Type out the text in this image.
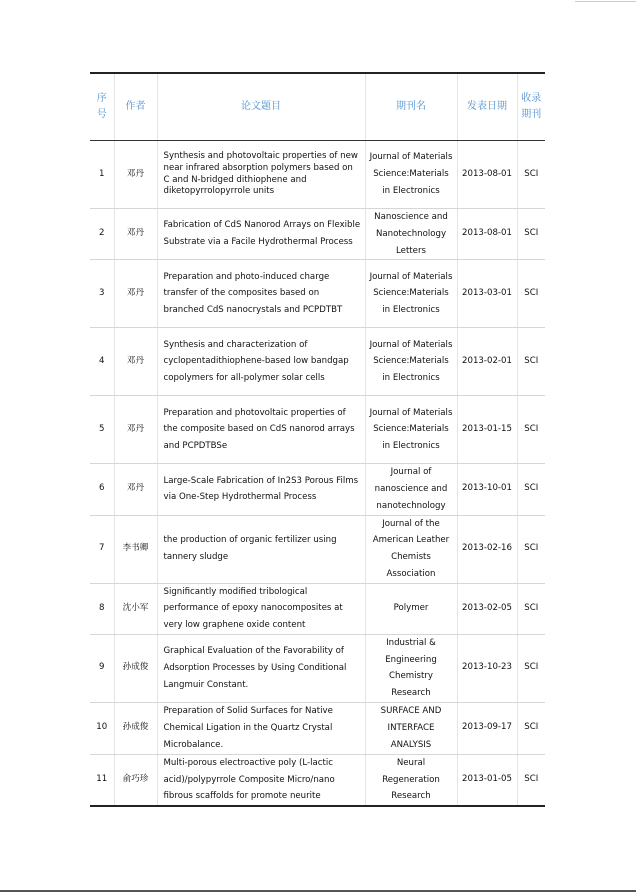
序号	作者	论文题目	期刊名	发表日期	收录期刊
1	邓丹	Synthesis and photovoltaic properties of new near infrared absorption polymers based on C and N-bridged dithiophene and diketopyrrolopyrrole units	Journal of Materials Science:Materials in Electronics	2013-08-01	SCI
2	邓丹	Fabrication of CdS Nanorod Arrays on Flexible Substrate via a Facile Hydrothermal Process	Nanoscience and Nanotechnology Letters	2013-08-01	SCI
3	邓丹	Preparation and photo-induced charge transfer of the composites based on branched CdS nanocrystals and PCPDTBT	Journal of Materials Science:Materials in Electronics	2013-03-01	SCI
4	邓丹	Synthesis and characterization of cyclopentadithiophene-based low bandgap copolymers for all-polymer solar cells	Journal of Materials Science:Materials in Electronics	2013-02-01	SCI
5	邓丹	Preparation and photovoltaic properties of the composite based on CdS nanorod arrays and PCPDTBSe	Journal of Materials Science:Materials in Electronics	2013-01-15	SCI
6	邓丹	Large-Scale Fabrication of In2S3 Porous Films via One-Step Hydrothermal Process	Journal of nanoscience and nanotechnology	2013-10-01	SCI
7	李书卿	the production of organic fertilizer using tannery sludge	Journal of the American Leather Chemists Association	2013-02-16	SCI
8	沈小军	Significantly modified tribological performance of epoxy nanocomposites at very low graphene oxide content	Polymer	2013-02-05	SCI
9	孙成俊	Graphical Evaluation of the Favorability of Adsorption Processes by Using Conditional Langmuir Constant.	Industrial & Engineering Chemistry Research	2013-10-23	SCI
10	孙成俊	Preparation of Solid Surfaces for Native Chemical Ligation in the Quartz Crystal Microbalance.	SURFACE AND INTERFACE ANALYSIS	2013-09-17	SCI
11	俞巧珍	Multi-porous electroactive poly (L-lactic acid)/polypyrrole Composite Micro/nano fibrous scaffolds for promote neurite	Neural Regeneration Research	2013-01-05	SCI
